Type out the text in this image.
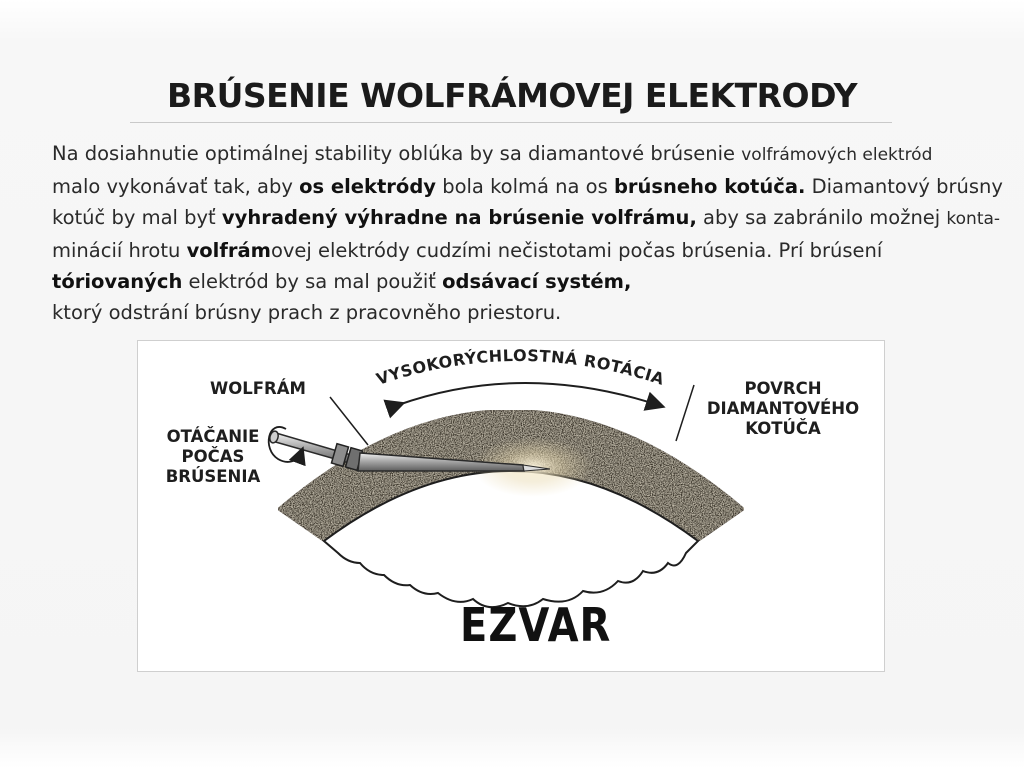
BRÚSENIE WOLFRÁMOVEJ ELEKTRODY
Na dosiahnutie optimálnej stability oblúka by sa diamantové brúsenie volfrámových elektród
malo vykonávať tak, aby os elektródy bola kolmá na os brúsneho kotúča. Diamantový brúsny
kotúč by mal byť vyhradený výhradne na brúsenie volfrámu, aby sa zabránilo možnej konta-
minácií hrotu volfrámovej elektródy cudzími nečistotami počas brúsenia. Prí brúsení
tóriovaných elektród by sa mal použiť odsávací systém,
ktorý odstrání brúsny prach z pracovněho priestoru.
VYSOKORÝCHLOSTNÁ ROTÁCIA
WOLFRÁM
OTÁČANIE
POČAS
BRÚSENIA
POVRCH
DIAMANTOVÉHO
KOTÚČA
EZVAR
